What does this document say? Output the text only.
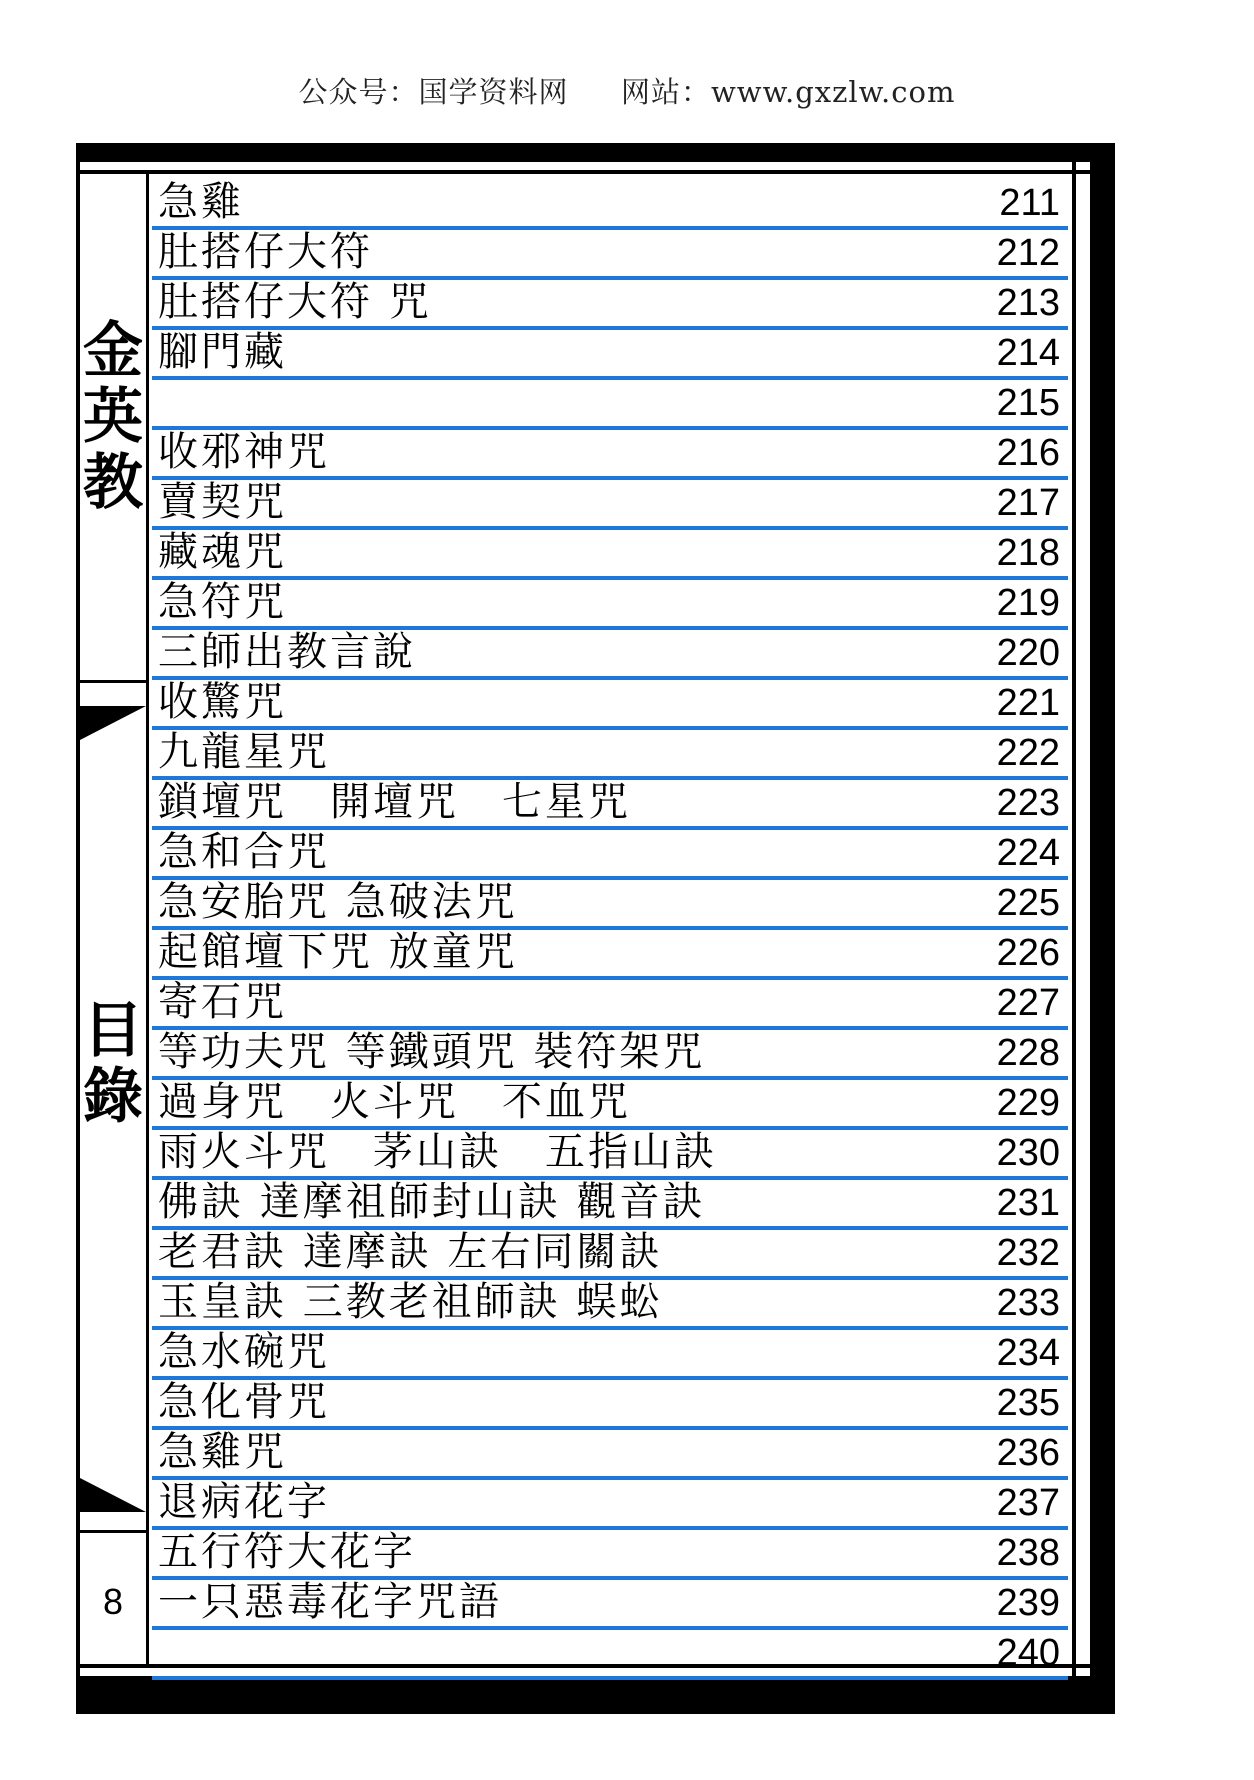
公众号：国学资料网 网站：www.gxzlw.com
金
英
教
目
錄
8
急雞	211
肚搭仔大符	212
肚搭仔大符 咒	213
腳門藏	214
215
收邪神咒	216
賣契咒	217
藏魂咒	218
急符咒	219
三師出教言說	220
收驚咒	221
九龍星咒	222
鎖壇咒　開壇咒　七星咒	223
急和合咒	224
急安胎咒 急破法咒	225
起館壇下咒 放童咒	226
寄石咒	227
等功夫咒 等鐵頭咒 裝符架咒	228
過身咒　火斗咒　不血咒	229
雨火斗咒　茅山訣　五指山訣	230
佛訣 達摩祖師封山訣 觀音訣	231
老君訣 達摩訣 左右同關訣	232
玉皇訣 三教老祖師訣 蜈蚣	233
急水碗咒	234
急化骨咒	235
急雞咒	236
退病花字	237
五行符大花字	238
一只惡毒花字咒語	239
240
